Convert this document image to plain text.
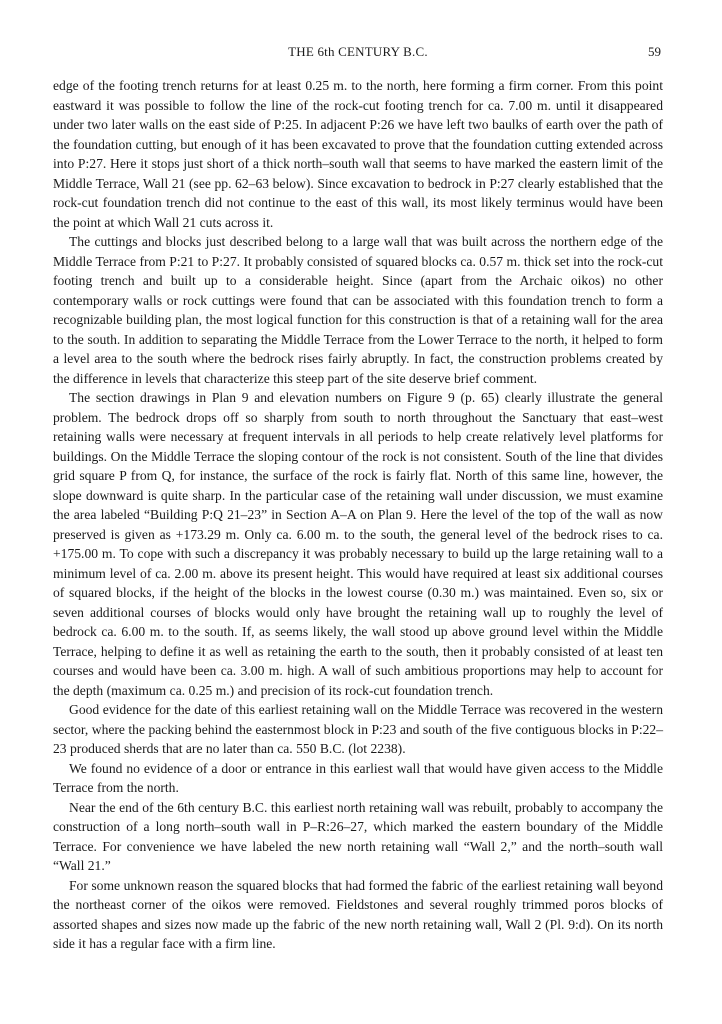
THE 6th CENTURY B.C.	59

edge of the footing trench returns for at least 0.25 m. to the north, here forming a firm corner. From this point eastward it was possible to follow the line of the rock-cut footing trench for ca. 7.00 m. until it disappeared under two later walls on the east side of P:25. In adjacent P:26 we have left two baulks of earth over the path of the foundation cutting, but enough of it has been excavated to prove that the foundation cutting extended across into P:27. Here it stops just short of a thick north–south wall that seems to have marked the eastern limit of the Middle Terrace, Wall 21 (see pp. 62–63 below). Since excavation to bedrock in P:27 clearly established that the rock-cut foundation trench did not continue to the east of this wall, its most likely terminus would have been the point at which Wall 21 cuts across it.

The cuttings and blocks just described belong to a large wall that was built across the northern edge of the Middle Terrace from P:21 to P:27. It probably consisted of squared blocks ca. 0.57 m. thick set into the rock-cut footing trench and built up to a considerable height. Since (apart from the Archaic oikos) no other contemporary walls or rock cuttings were found that can be associated with this foundation trench to form a recognizable building plan, the most logical function for this construction is that of a retaining wall for the area to the south. In addition to separating the Middle Terrace from the Lower Terrace to the north, it helped to form a level area to the south where the bedrock rises fairly abruptly. In fact, the construction problems created by the difference in levels that characterize this steep part of the site deserve brief comment.

The section drawings in Plan 9 and elevation numbers on Figure 9 (p. 65) clearly illustrate the general problem. The bedrock drops off so sharply from south to north throughout the Sanctuary that east–west retaining walls were necessary at frequent intervals in all periods to help create relatively level platforms for buildings. On the Middle Terrace the sloping contour of the rock is not consistent. South of the line that divides grid square P from Q, for instance, the surface of the rock is fairly flat. North of this same line, however, the slope downward is quite sharp. In the particular case of the retaining wall under discussion, we must examine the area labeled “Building P:Q 21–23” in Section A–A on Plan 9. Here the level of the top of the wall as now preserved is given as +173.29 m. Only ca. 6.00 m. to the south, the general level of the bedrock rises to ca. +175.00 m. To cope with such a discrepancy it was probably necessary to build up the large retaining wall to a minimum level of ca. 2.00 m. above its present height. This would have required at least six additional courses of squared blocks, if the height of the blocks in the lowest course (0.30 m.) was maintained. Even so, six or seven additional courses of blocks would only have brought the retaining wall up to roughly the level of bedrock ca. 6.00 m. to the south. If, as seems likely, the wall stood up above ground level within the Middle Terrace, helping to define it as well as retaining the earth to the south, then it probably consisted of at least ten courses and would have been ca. 3.00 m. high. A wall of such ambitious proportions may help to account for the depth (maximum ca. 0.25 m.) and precision of its rock-cut foundation trench.

Good evidence for the date of this earliest retaining wall on the Middle Terrace was recovered in the western sector, where the packing behind the easternmost block in P:23 and south of the five contiguous blocks in P:22–23 produced sherds that are no later than ca. 550 B.C. (lot 2238).

We found no evidence of a door or entrance in this earliest wall that would have given access to the Middle Terrace from the north.

Near the end of the 6th century B.C. this earliest north retaining wall was rebuilt, probably to accompany the construction of a long north–south wall in P–R:26–27, which marked the eastern boundary of the Middle Terrace. For convenience we have labeled the new north retaining wall “Wall 2,” and the north–south wall “Wall 21.”

For some unknown reason the squared blocks that had formed the fabric of the earliest retaining wall beyond the northeast corner of the oikos were removed. Fieldstones and several roughly trimmed poros blocks of assorted shapes and sizes now made up the fabric of the new north retaining wall, Wall 2 (Pl. 9:d). On its north side it has a regular face with a firm line.
